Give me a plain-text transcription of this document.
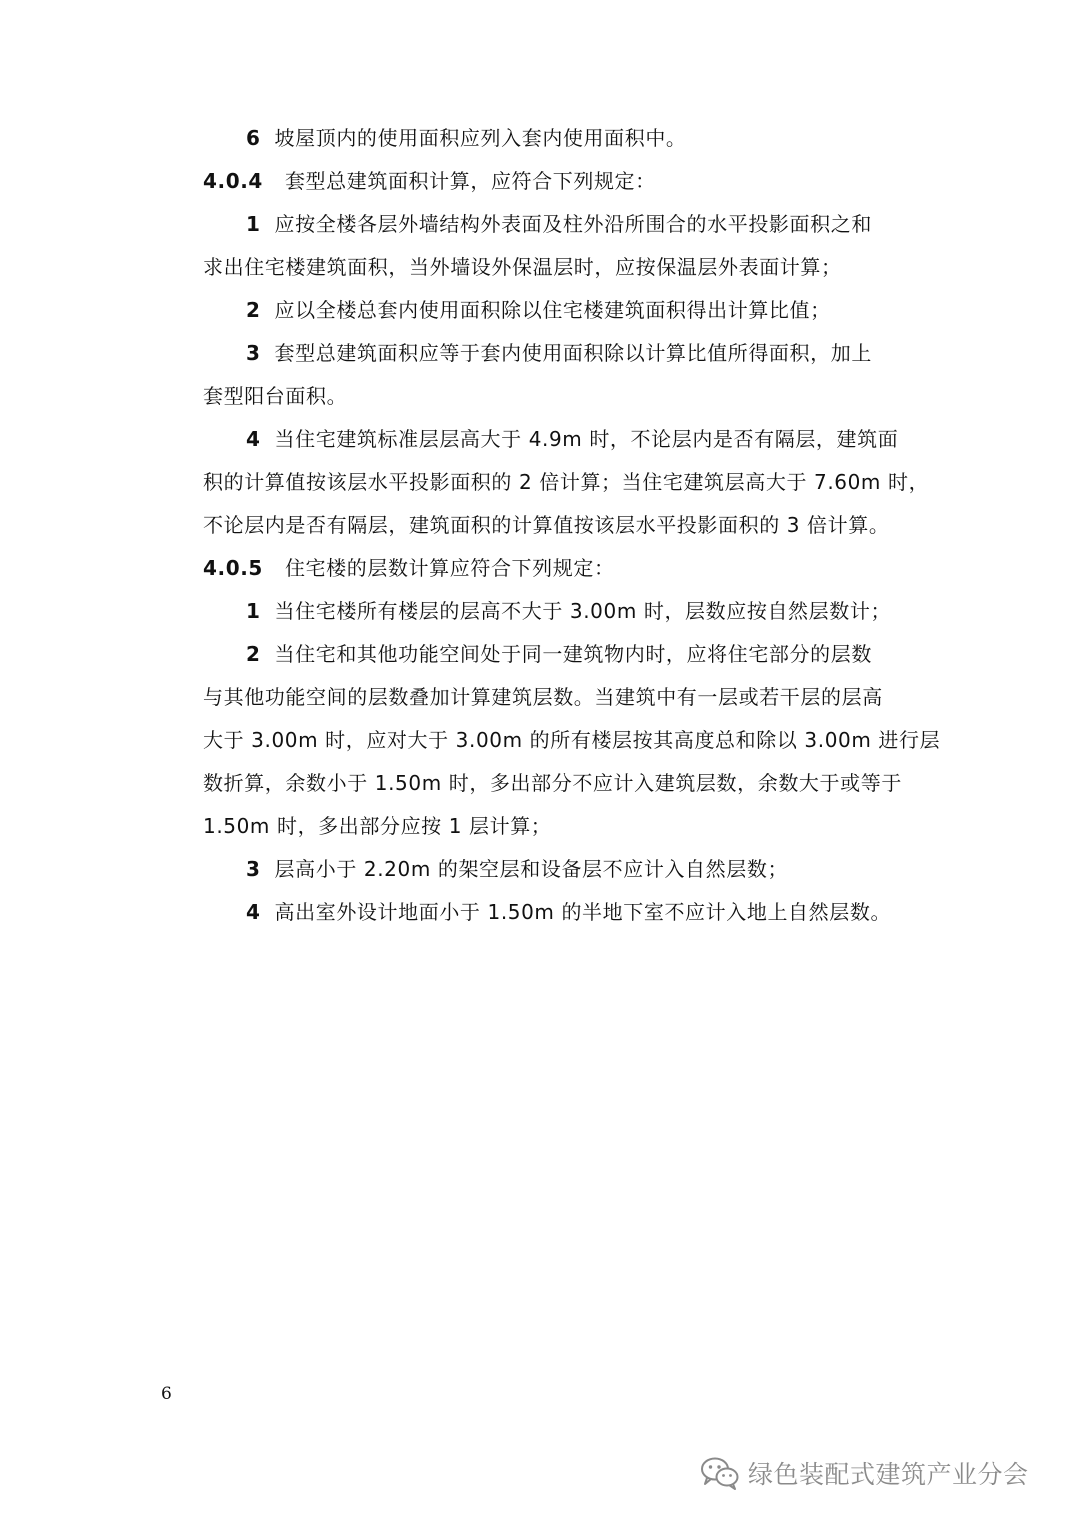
6 坡屋顶内的使用面积应列入套内使用面积中。
4.0.4 套型总建筑面积计算，应符合下列规定：
1 应按全楼各层外墙结构外表面及柱外沿所围合的水平投影面积之和
求出住宅楼建筑面积，当外墙设外保温层时，应按保温层外表面计算；
2 应以全楼总套内使用面积除以住宅楼建筑面积得出计算比值；
3 套型总建筑面积应等于套内使用面积除以计算比值所得面积，加上
套型阳台面积。
4 当住宅建筑标准层层高大于 4.9m 时，不论层内是否有隔层，建筑面
积的计算值按该层水平投影面积的 2 倍计算；当住宅建筑层高大于 7.60m 时，
不论层内是否有隔层，建筑面积的计算值按该层水平投影面积的 3 倍计算。
4.0.5 住宅楼的层数计算应符合下列规定：
1 当住宅楼所有楼层的层高不大于 3.00m 时，层数应按自然层数计；
2 当住宅和其他功能空间处于同一建筑物内时，应将住宅部分的层数
与其他功能空间的层数叠加计算建筑层数。当建筑中有一层或若干层的层高
大于 3.00m 时，应对大于 3.00m 的所有楼层按其高度总和除以 3.00m 进行层
数折算，余数小于 1.50m 时，多出部分不应计入建筑层数，余数大于或等于
1.50m 时，多出部分应按 1 层计算；
3 层高小于 2.20m 的架空层和设备层不应计入自然层数；
4 高出室外设计地面小于 1.50m 的半地下室不应计入地上自然层数。
6
绿色装配式建筑产业分会
